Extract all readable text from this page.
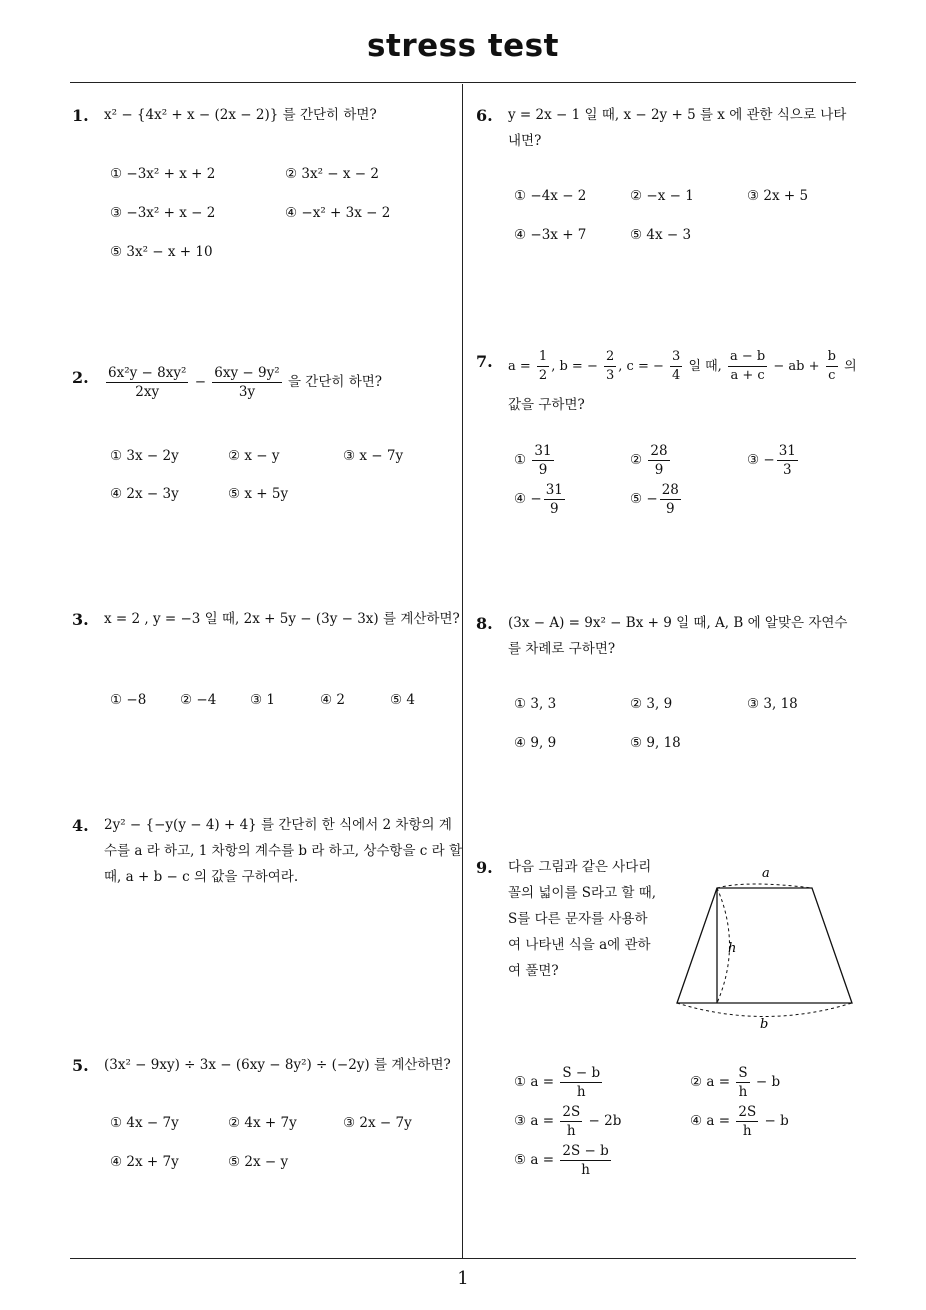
stress test
1
1. x² − {4x² + x − (2x − 2)} 를 간단히 하면?
① −3x² + x + 2	② 3x² − x − 2
③ −3x² + x − 2	④ −x² + 3x − 2
⑤ 3x² − x + 10
2. $\frac{\text{6x²y − 8xy²}}{2xy} - \frac{\text{6xy − 9y²}}{3y}$ 을 간단히 하면?
① 3x − 2y	② x − y	③ x − 7y
④ 2x − 3y	⑤ x + 5y
3. x = 2 , y = −3 일 때, 2x + 5y − (3y − 3x) 를 계산하면?
① −8 ② −4 ③ 1	④ 2	⑤ 4
4. 2y² − {−y(y − 4) + 4} 를 간단히 한 식에서 2 차항의 계수를 a 라 하고, 1 차항의 계수를 b 라 하고, 상수항을 c 라 할 때, a + b − c 의 값을 구하여라.
5. (3x² − 9xy) ÷ 3x − (6xy − 8y²) ÷ (−2y) 를 계산하면?
① 4x − 7y	② 4x + 7y	③ 2x − 7y
④ 2x + 7y	⑤ 2x − y
6. y = 2x − 1 일 때, x − 2y + 5 를 x 에 관한 식으로 나타내면?
① −4x − 2	② −x − 1	③ 2x + 5
④ −3x + 7	⑤ 4x − 3
7. $a = \frac{1}{2}$ , b = − $\frac{2}{3}$ , c = − $\frac{3}{4}$ 일 때, $\frac{a - b}{a + c}$ − ab + $\frac{b}{c}$ 의
값을 구하면?
① $\frac{31}{9}$	② $\frac{28}{9}$	③ − $\frac{31}{3}$
④ − $\frac{31}{9}$	⑤ − $\frac{28}{9}$
8. (3x − A) = 9x² − Bx + 9 일 때, A, B 에 알맞은 자연수를 차례로 구하면?
① 3, 3	② 3, 9	③ 3, 18
④ 9, 9	⑤ 9, 18
9. 다음 그림과 같은 사다리꼴의 넓이를 S라고 할 때, S를 다른 문자를 사용하여 나타낸 식을 a에 관하여 풀면?
a
h
b
① $a = \frac{S - b}{h}$	② $a = \frac{S}{h} - b$
③ $a = \frac{2S}{h} - 2b$	④ $a = \frac{2S}{h} - b$
⑤ $a = \frac{2S - b}{h}$
